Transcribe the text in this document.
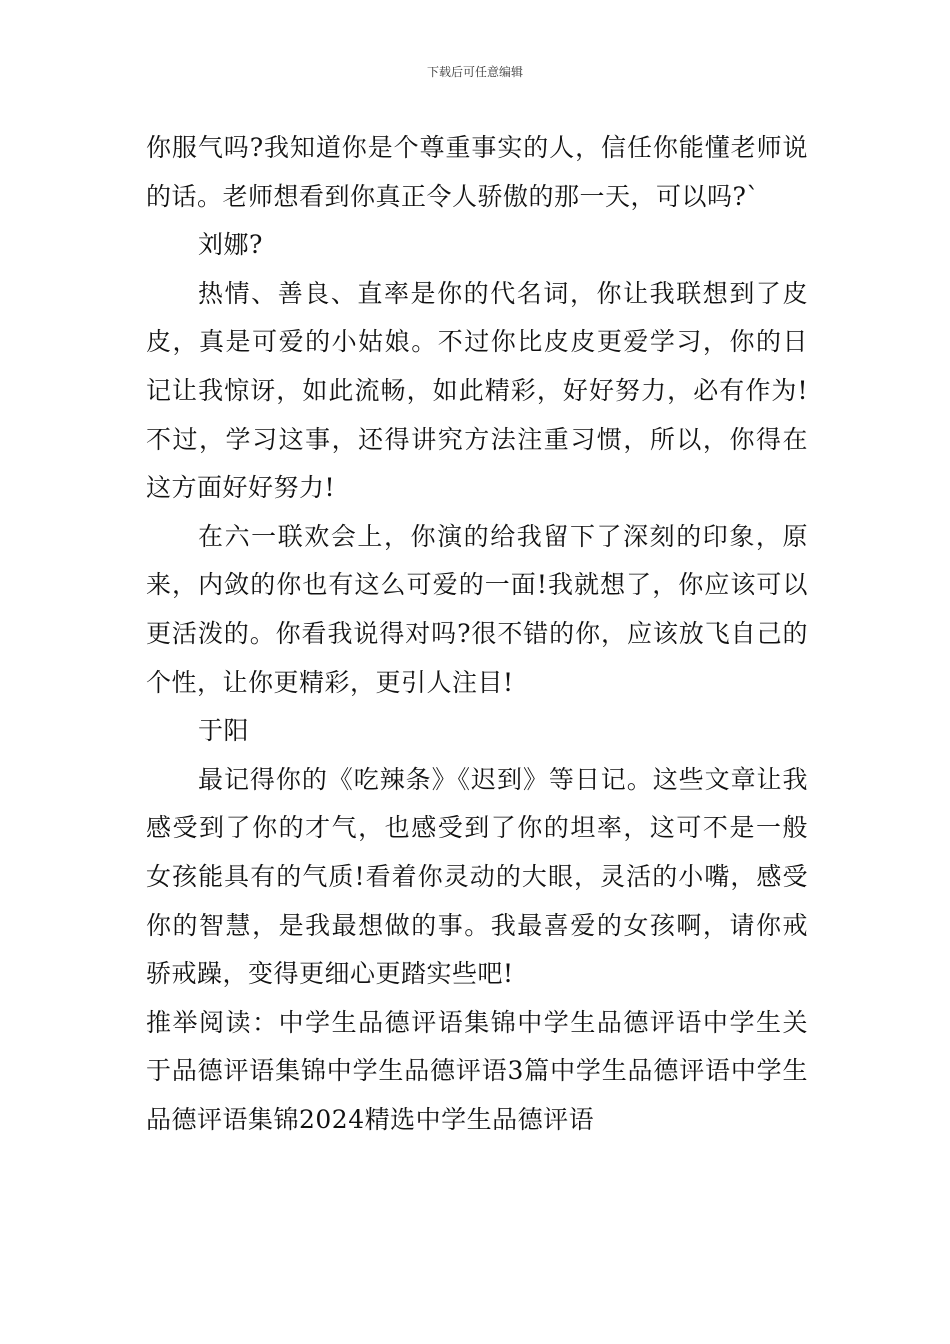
下载后可任意编辑

你服气吗?我知道你是个尊重事实的人，信任你能懂老师说的话。老师想看到你真正令人骄傲的那一天，可以吗?`

刘娜?

热情、善良、直率是你的代名词，你让我联想到了皮皮，真是可爱的小姑娘。不过你比皮皮更爱学习，你的日记让我惊讶，如此流畅，如此精彩，好好努力，必有作为!不过，学习这事，还得讲究方法注重习惯，所以，你得在这方面好好努力!

在六一联欢会上，你演的给我留下了深刻的印象，原来，内敛的你也有这么可爱的一面!我就想了，你应该可以更活泼的。你看我说得对吗?很不错的你，应该放飞自己的个性，让你更精彩，更引人注目!

于阳

最记得你的《吃辣条》《迟到》等日记。这些文章让我感受到了你的才气，也感受到了你的坦率，这可不是一般女孩能具有的气质!看着你灵动的大眼，灵活的小嘴，感受你的智慧，是我最想做的事。我最喜爱的女孩啊，请你戒骄戒躁，变得更细心更踏实些吧!

推举阅读：中学生品德评语集锦中学生品德评语中学生关于品德评语集锦中学生品德评语3篇中学生品德评语中学生品德评语集锦2024精选中学生品德评语
